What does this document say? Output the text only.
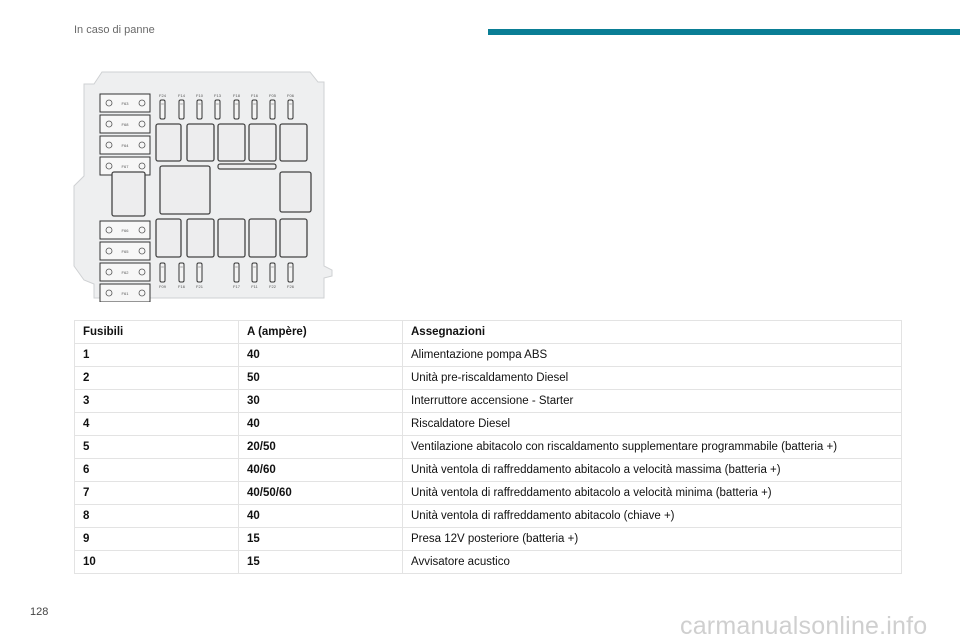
In caso di panne
F24	F14	F10	F13	F18	F16	F05	F06
F63
F68
F64
F67
F66
F65
F62
F61
F09	F16	F21	F17	F11	F22	F26
Fusibili	A (ampère)	Assegnazioni
1	40	Alimentazione pompa ABS
2	50	Unità pre-riscaldamento Diesel
3	30	Interruttore accensione - Starter
4	40	Riscaldatore Diesel
5	20/50	Ventilazione abitacolo con riscaldamento supplementare programmabile (batteria +)
6	40/60	Unità ventola di raffreddamento abitacolo a velocità massima (batteria +)
7	40/50/60	Unità ventola di raffreddamento abitacolo a velocità minima (batteria +)
8	40	Unità ventola di raffreddamento abitacolo (chiave +)
9	15	Presa 12V posteriore (batteria +)
10	15	Avvisatore acustico
128	carmanualsonline.info
